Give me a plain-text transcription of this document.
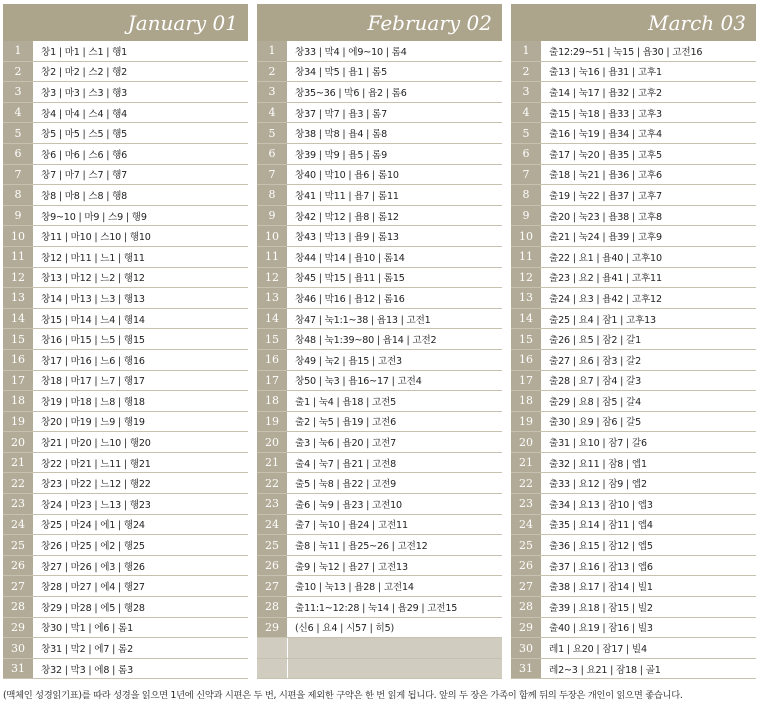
January 01
1	창1 | 마1 | 스1 | 행1
2	창2 | 마2 | 스2 | 행2
3	창3 | 마3 | 스3 | 행3
4	창4 | 마4 | 스4 | 행4
5	창5 | 마5 | 스5 | 행5
6	창6 | 마6 | 스6 | 행6
7	창7 | 마7 | 스7 | 행7
8	창8 | 마8 | 스8 | 행8
9	창9~10 | 마9 | 스9 | 행9
10	창11 | 마10 | 스10 | 행10
11	창12 | 마11 | 느1 | 행11
12	창13 | 마12 | 느2 | 행12
13	창14 | 마13 | 느3 | 행13
14	창15 | 마14 | 느4 | 행14
15	창16 | 마15 | 느5 | 행15
16	창17 | 마16 | 느6 | 행16
17	창18 | 마17 | 느7 | 행17
18	창19 | 마18 | 느8 | 행18
19	창20 | 마19 | 느9 | 행19
20	창21 | 마20 | 느10 | 행20
21	창22 | 마21 | 느11 | 행21
22	창23 | 마22 | 느12 | 행22
23	창24 | 마23 | 느13 | 행23
24	창25 | 마24 | 에1 | 행24
25	창26 | 마25 | 에2 | 행25
26	창27 | 마26 | 에3 | 행26
27	창28 | 마27 | 에4 | 행27
28	창29 | 마28 | 에5 | 행28
29	창30 | 막1 | 에6 | 롬1
30	창31 | 막2 | 에7 | 롬2
31	창32 | 막3 | 에8 | 롬3
February 02
1	창33 | 막4 | 에9~10 | 롬4
2	창34 | 막5 | 욥1 | 롬5
3	창35~36 | 막6 | 욥2 | 롬6
4	창37 | 막7 | 욥3 | 롬7
5	창38 | 막8 | 욥4 | 롬8
6	창39 | 막9 | 욥5 | 롬9
7	창40 | 막10 | 욥6 | 롬10
8	창41 | 막11 | 욥7 | 롬11
9	창42 | 막12 | 욥8 | 롬12
10	창43 | 막13 | 욥9 | 롬13
11	창44 | 막14 | 욥10 | 롬14
12	창45 | 막15 | 욥11 | 롬15
13	창46 | 막16 | 욥12 | 롬16
14	창47 | 눅1:1~38 | 욥13 | 고전1
15	창48 | 눅1:39~80 | 욥14 | 고전2
16	창49 | 눅2 | 욥15 | 고전3
17	창50 | 눅3 | 욥16~17 | 고전4
18	출1 | 눅4 | 욥18 | 고전5
19	출2 | 눅5 | 욥19 | 고전6
20	출3 | 눅6 | 욥20 | 고전7
21	출4 | 눅7 | 욥21 | 고전8
22	출5 | 눅8 | 욥22 | 고전9
23	출6 | 눅9 | 욥23 | 고전10
24	출7 | 눅10 | 욥24 | 고전11
25	출8 | 눅11 | 욥25~26 | 고전12
26	출9 | 눅12 | 욥27 | 고전13
27	출10 | 눅13 | 욥28 | 고전14
28	출11:1~12:28 | 눅14 | 욥29 | 고전15
29	(신6 | 요4 | 시57 | 히5)
March 03
1	출12:29~51 | 눅15 | 욥30 | 고전16
2	출13 | 눅16 | 욥31 | 고후1
3	출14 | 눅17 | 욥32 | 고후2
4	출15 | 눅18 | 욥33 | 고후3
5	출16 | 눅19 | 욥34 | 고후4
6	출17 | 눅20 | 욥35 | 고후5
7	출18 | 눅21 | 욥36 | 고후6
8	출19 | 눅22 | 욥37 | 고후7
9	출20 | 눅23 | 욥38 | 고후8
10	출21 | 눅24 | 욥39 | 고후9
11	출22 | 요1 | 욥40 | 고후10
12	출23 | 요2 | 욥41 | 고후11
13	출24 | 요3 | 욥42 | 고후12
14	출25 | 요4 | 잠1 | 고후13
15	출26 | 요5 | 잠2 | 갈1
16	출27 | 요6 | 잠3 | 갈2
17	출28 | 요7 | 잠4 | 갈3
18	출29 | 요8 | 잠5 | 갈4
19	출30 | 요9 | 잠6 | 갈5
20	출31 | 요10 | 잠7 | 갈6
21	출32 | 요11 | 잠8 | 엡1
22	출33 | 요12 | 잠9 | 엡2
23	출34 | 요13 | 잠10 | 엡3
24	출35 | 요14 | 잠11 | 엡4
25	출36 | 요15 | 잠12 | 엡5
26	출37 | 요16 | 잠13 | 엡6
27	출38 | 요17 | 잠14 | 빌1
28	출39 | 요18 | 잠15 | 빌2
29	출40 | 요19 | 잠16 | 빌3
30	레1 | 요20 | 잠17 | 빌4
31	레2~3 | 요21 | 잠18 | 골1
(맥체인 성경읽기표)를 따라 성경을 읽으면 1년에 신약과 시편은 두 번, 시편을 제외한 구약은 한 번 읽게 됩니다. 앞의 두 장은 가족이 함께 뒤의 두장은 개인이 읽으면 좋습니다.
